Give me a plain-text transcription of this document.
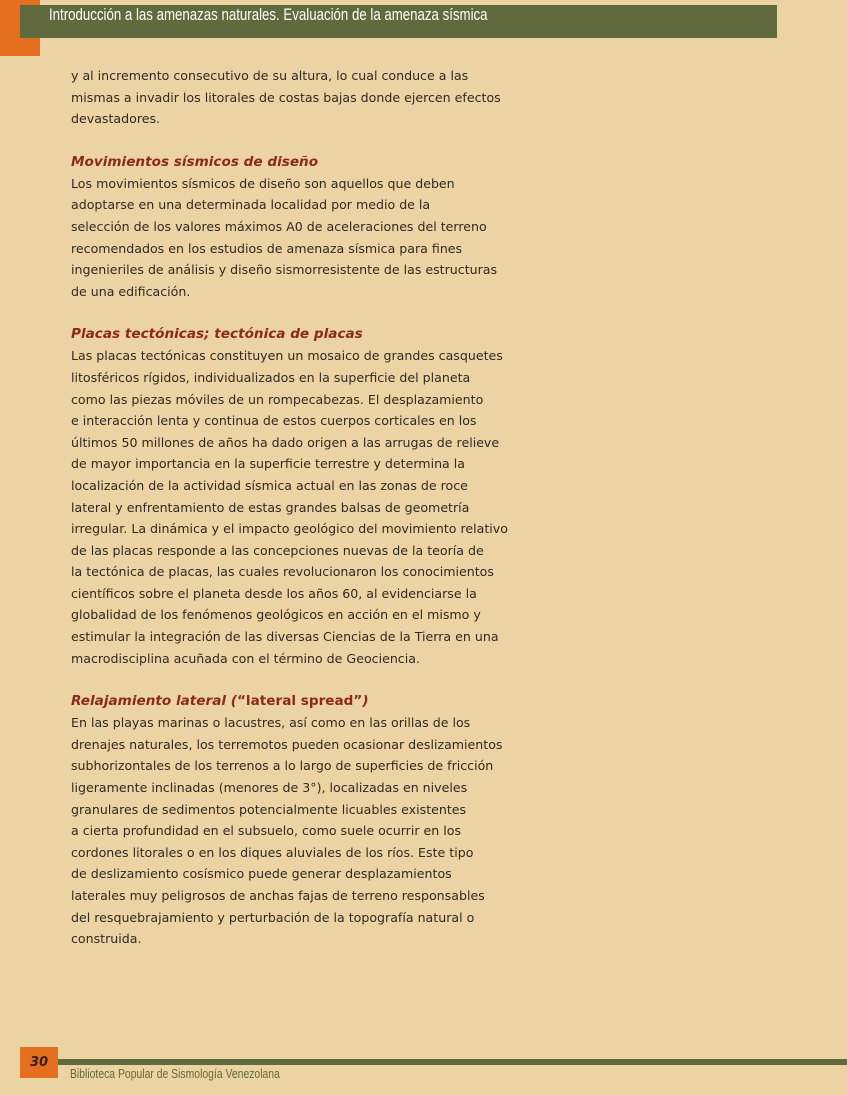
Introducción a las amenazas naturales. Evaluación de la amenaza sísmica

y al incremento consecutivo de su altura, lo cual conduce a las
mismas a invadir los litorales de costas bajas donde ejercen efectos
devastadores.

Movimientos sísmicos de diseño

Los movimientos sísmicos de diseño son aquellos que deben
adoptarse en una determinada localidad por medio de la
selección de los valores máximos A0 de aceleraciones del terreno
recomendados en los estudios de amenaza sísmica para fines
ingenieriles de análisis y diseño sismorresistente de las estructuras
de una edificación.

Placas tectónicas; tectónica de placas

Las placas tectónicas constituyen un mosaico de grandes casquetes
litosféricos rígidos, individualizados en la superficie del planeta
como las piezas móviles de un rompecabezas. El desplazamiento
e interacción lenta y continua de estos cuerpos corticales en los
últimos 50 millones de años ha dado origen a las arrugas de relieve
de mayor importancia en la superficie terrestre y determina la
localización de la actividad sísmica actual en las zonas de roce
lateral y enfrentamiento de estas grandes balsas de geometría
irregular. La dinámica y el impacto geológico del movimiento relativo
de las placas responde a las concepciones nuevas de la teoría de
la tectónica de placas, las cuales revolucionaron los conocimientos
científicos sobre el planeta desde los años 60, al evidenciarse la
globalidad de los fenómenos geológicos en acción en el mismo y
estimular la integración de las diversas Ciencias de la Tierra en una
macrodisciplina acuñada con el término de Geociencia.

Relajamiento lateral (“lateral spread”)

En las playas marinas o lacustres, así como en las orillas de los
drenajes naturales, los terremotos pueden ocasionar deslizamientos
subhorizontales de los terrenos a lo largo de superficies de fricción
ligeramente inclinadas (menores de 3°), localizadas en niveles
granulares de sedimentos potencialmente licuables existentes
a cierta profundidad en el subsuelo, como suele ocurrir en los
cordones litorales o en los diques aluviales de los ríos. Este tipo
de deslizamiento cosísmico puede generar desplazamientos
laterales muy peligrosos de anchas fajas de terreno responsables
del resquebrajamiento y perturbación de la topografía natural o
construida.

30
Biblioteca Popular de Sismología Venezolana
